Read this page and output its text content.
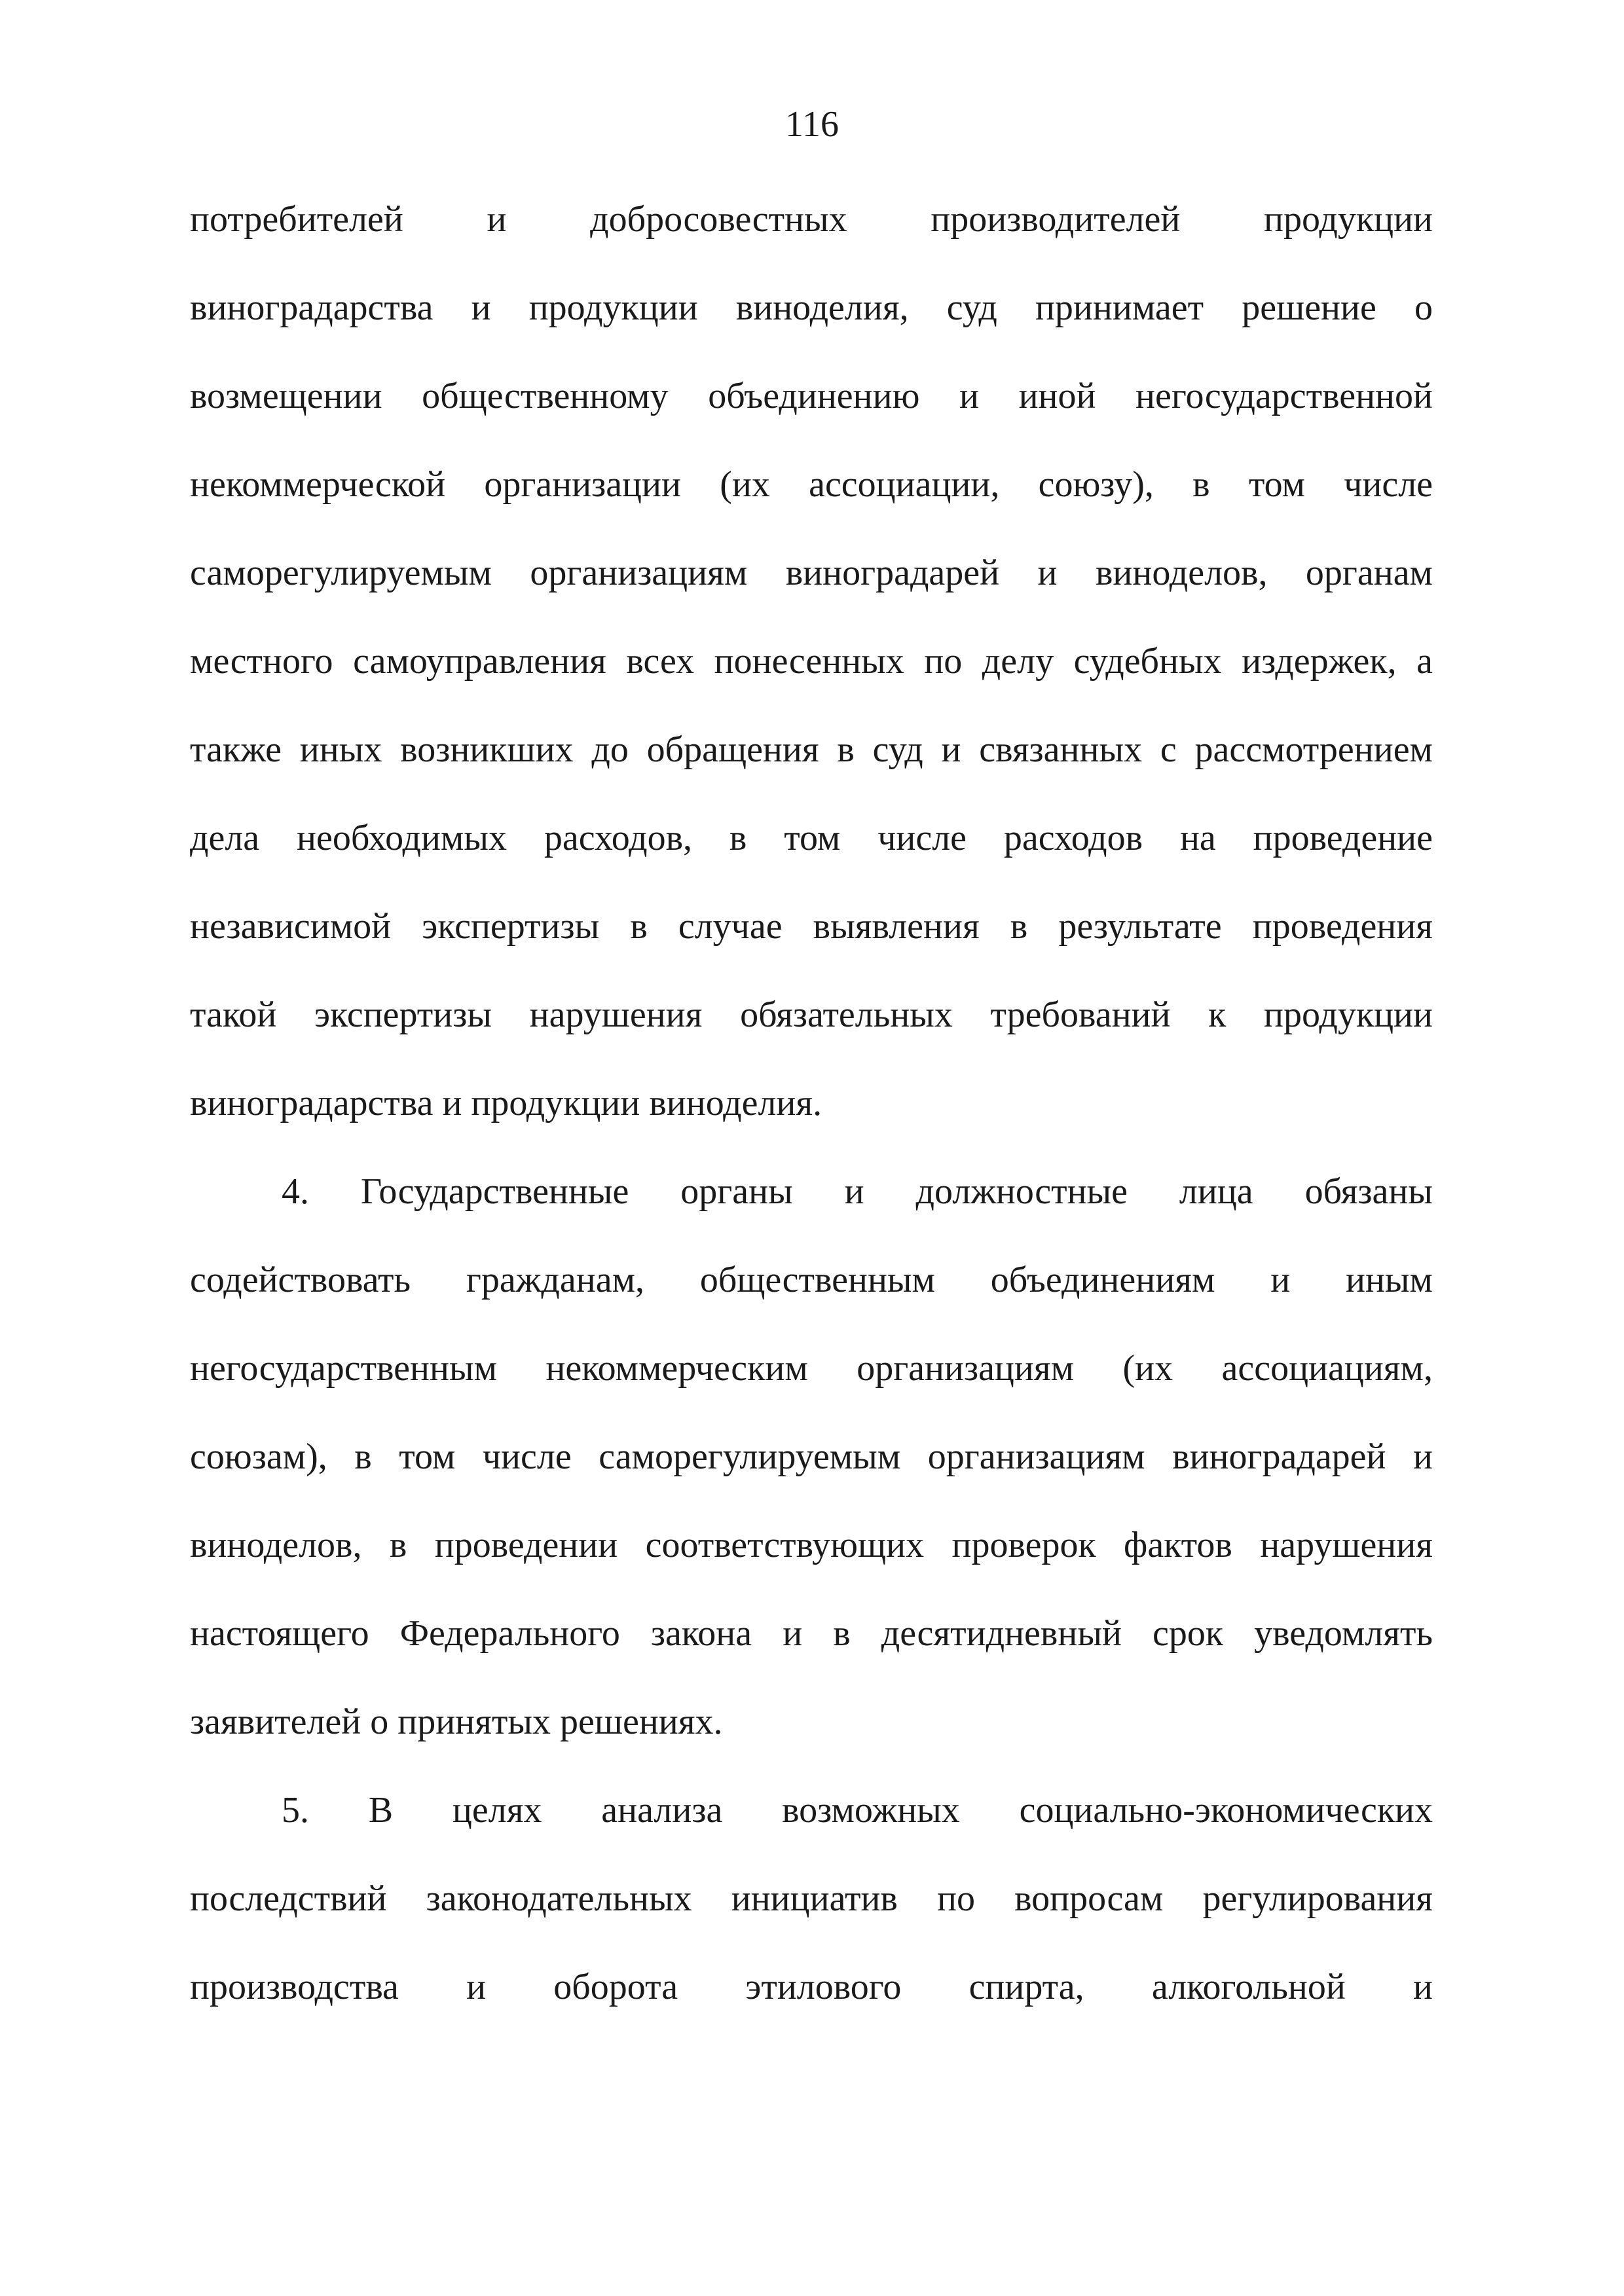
116
потребителей и добросовестных производителей продукции
виноградарства и продукции виноделия, суд принимает решение о
возмещении общественному объединению и иной негосударственной
некоммерческой организации (их ассоциации, союзу), в том числе
саморегулируемым организациям виноградарей и виноделов, органам
местного самоуправления всех понесенных по делу судебных издержек, а
также иных возникших до обращения в суд и связанных с рассмотрением
дела необходимых расходов, в том числе расходов на проведение
независимой экспертизы в случае выявления в результате проведения
такой экспертизы нарушения обязательных требований к продукции
виноградарства и продукции виноделия.
4. Государственные органы и должностные лица обязаны
содействовать гражданам, общественным объединениям и иным
негосударственным некоммерческим организациям (их ассоциациям,
союзам), в том числе саморегулируемым организациям виноградарей и
виноделов, в проведении соответствующих проверок фактов нарушения
настоящего Федерального закона и в десятидневный срок уведомлять
заявителей о принятых решениях.
5. В целях анализа возможных социально-экономических
последствий законодательных инициатив по вопросам регулирования
производства и оборота этилового спирта, алкогольной и
